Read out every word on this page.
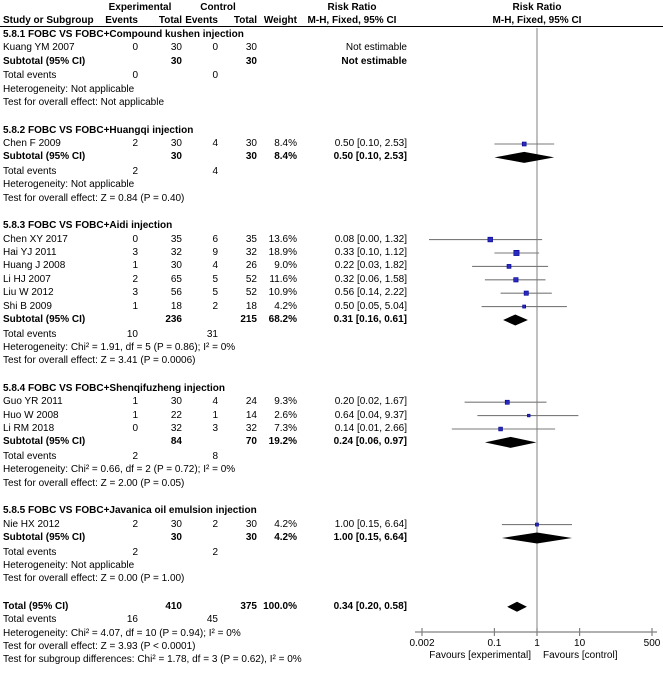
Experimental	Control	Risk Ratio	Risk Ratio
Study or Subgroup	Events	Total Events	Total Weight	M-H, Fixed, 95% CI	M-H, Fixed, 95% CI
5.8.1 FOBC VS FOBC+Compound kushen injection
Kuang YM 2007	0	30	0	30	Not estimable
Subtotal (95% CI)	30	30	Not estimable
Total events	0	0
Heterogeneity: Not applicable
Test for overall effect: Not applicable
5.8.2 FOBC VS FOBC+Huangqi injection
Chen F 2009	2	30	4	30	8.4%	0.50 [0.10, 2.53]
Subtotal (95% CI)	30	30	8.4%	0.50 [0.10, 2.53]
Total events	2	4
Heterogeneity: Not applicable
Test for overall effect: Z = 0.84 (P = 0.40)
5.8.3 FOBC VS FOBC+Aidi injection
Chen XY 2017	0	35	6	35	13.6%	0.08 [0.00, 1.32]
Hai YJ 2011	3	32	9	32	18.9%	0.33 [0.10, 1.12]
Huang J 2008	1	30	4	26	9.0%	0.22 [0.03, 1.82]
Li HJ 2007	2	65	5	52	11.6%	0.32 [0.06, 1.58]
Liu W 2012	3	56	5	52	10.9%	0.56 [0.14, 2.22]
Shi B 2009	1	18	2	18	4.2%	0.50 [0.05, 5.04]
Subtotal (95% CI)	236	215	68.2%	0.31 [0.16, 0.61]
Total events	10	31
Heterogeneity: Chi² = 1.91, df = 5 (P = 0.86); I² = 0%
Test for overall effect: Z = 3.41 (P = 0.0006)
5.8.4 FOBC VS FOBC+Shenqifuzheng injection
Guo YR 2011	1	30	4	24	9.3%	0.20 [0.02, 1.67]
Huo W 2008	1	22	1	14	2.6%	0.64 [0.04, 9.37]
Li RM 2018	0	32	3	32	7.3%	0.14 [0.01, 2.66]
Subtotal (95% CI)	84	70	19.2%	0.24 [0.06, 0.97]
Total events	2	8
Heterogeneity: Chi² = 0.66, df = 2 (P = 0.72); I² = 0%
Test for overall effect: Z = 2.00 (P = 0.05)
5.8.5 FOBC VS FOBC+Javanica oil emulsion injection
Nie HX 2012	2	30	2	30	4.2%	1.00 [0.15, 6.64]
Subtotal (95% CI)	30	30	4.2%	1.00 [0.15, 6.64]
Total events	2	2
Heterogeneity: Not applicable
Test for overall effect: Z = 0.00 (P = 1.00)
Total (95% CI)	410	375 100.0%	0.34 [0.20, 0.58]
Total events	16	45
Heterogeneity: Chi² = 4.07, df = 10 (P = 0.94); I² = 0%
Test for overall effect: Z = 3.93 (P < 0.0001)
Test for subgroup differences: Chi² = 1.78, df = 3 (P = 0.62), I² = 0%
0.002	0.1	1	10	500
Favours [experimental] Favours [control]
